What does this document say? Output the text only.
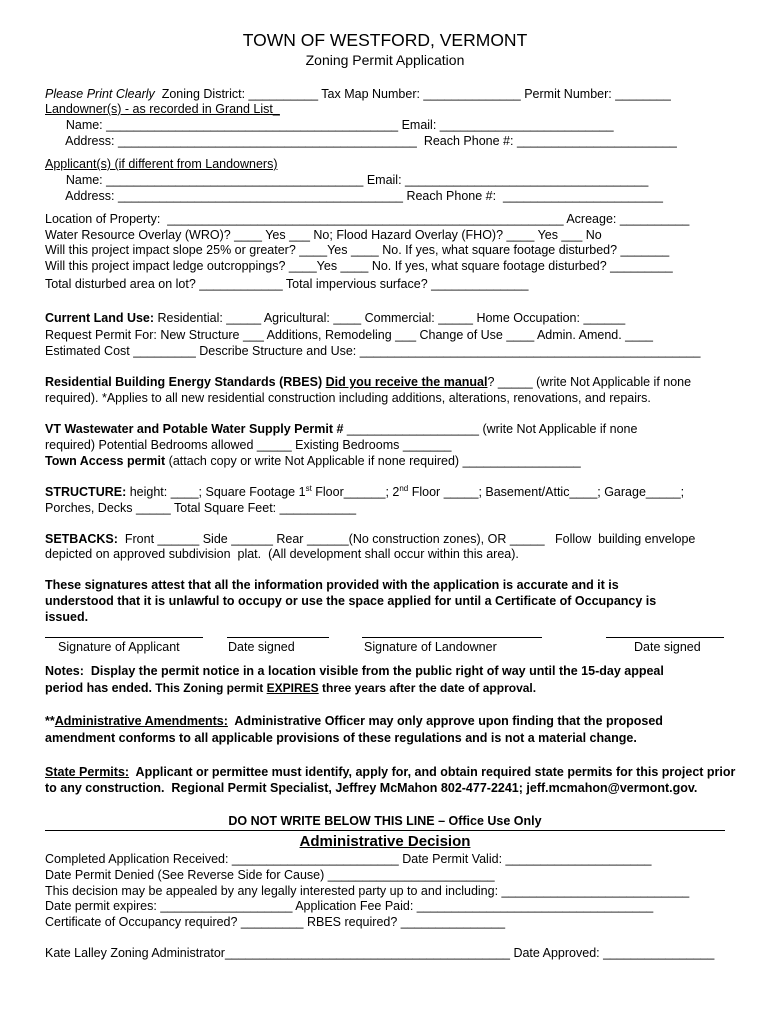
TOWN OF WESTFORD, VERMONT
Zoning Permit Application
Please Print Clearly  Zoning District: __________ Tax Map Number: ______________ Permit Number: ________
Landowner(s) - as recorded in Grand List_
Name: __________________________________________ Email: _________________________
Address: ___________________________________________  Reach Phone #: _______________________
Applicant(s) (if different from Landowners)
Name: _____________________________________ Email: ___________________________________
Address: _________________________________________ Reach Phone #:  _______________________
Location of Property:  _________________________________________________________ Acreage: __________
Water Resource Overlay (WRO)? ____ Yes ___ No; Flood Hazard Overlay (FHO)? ____ Yes ___ No
Will this project impact slope 25% or greater? ____Yes ____ No. If yes, what square footage disturbed? _______
Will this project impact ledge outcroppings? ____Yes ____ No. If yes, what square footage disturbed? _________
Total disturbed area on lot? ____________ Total impervious surface? ______________
Current Land Use: Residential: _____ Agricultural: ____ Commercial: _____ Home Occupation: ______
Request Permit For: New Structure ___ Additions, Remodeling ___ Change of Use ____ Admin. Amend. ____
Estimated Cost _________ Describe Structure and Use: _________________________________________________
Residential Building Energy Standards (RBES) Did you receive the manual? _____ (write Not Applicable if none
required). *Applies to all new residential construction including additions, alterations, renovations, and repairs.
VT Wastewater and Potable Water Supply Permit # ___________________ (write Not Applicable if none
required) Potential Bedrooms allowed _____ Existing Bedrooms _______
Town Access permit (attach copy or write Not Applicable if none required) _________________
STRUCTURE: height: ____; Square Footage 1st Floor______; 2nd Floor _____; Basement/Attic____; Garage_____;
Porches, Decks _____ Total Square Feet: ___________
SETBACKS:  Front ______ Side ______ Rear ______(No construction zones), OR _____   Follow  building envelope
depicted on approved subdivision  plat.  (All development shall occur within this area).
These signatures attest that all the information provided with the application is accurate and it is
understood that it is unlawful to occupy or use the space applied for until a Certificate of Occupancy is
issued.
Signature of Applicant	Date signed	Signature of Landowner	Date signed
Notes:  Display the permit notice in a location visible from the public right of way until the 15-day appeal
period has ended. This Zoning permit EXPIRES three years after the date of approval.
**Administrative Amendments:  Administrative Officer may only approve upon finding that the proposed
amendment conforms to all applicable provisions of these regulations and is not a material change.
State Permits:  Applicant or permittee must identify, apply for, and obtain required state permits for this project prior
to any construction.  Regional Permit Specialist, Jeffrey McMahon 802-477-2241; jeff.mcmahon@vermont.gov.
DO NOT WRITE BELOW THIS LINE – Office Use Only
Administrative Decision
Completed Application Received: ________________________ Date Permit Valid: _____________________
Date Permit Denied (See Reverse Side for Cause) ________________________
This decision may be appealed by any legally interested party up to and including: ___________________________
Date permit expires: ___________________ Application Fee Paid: __________________________________
Certificate of Occupancy required? _________ RBES required? _______________
Kate Lalley Zoning Administrator_________________________________________ Date Approved: ________________
